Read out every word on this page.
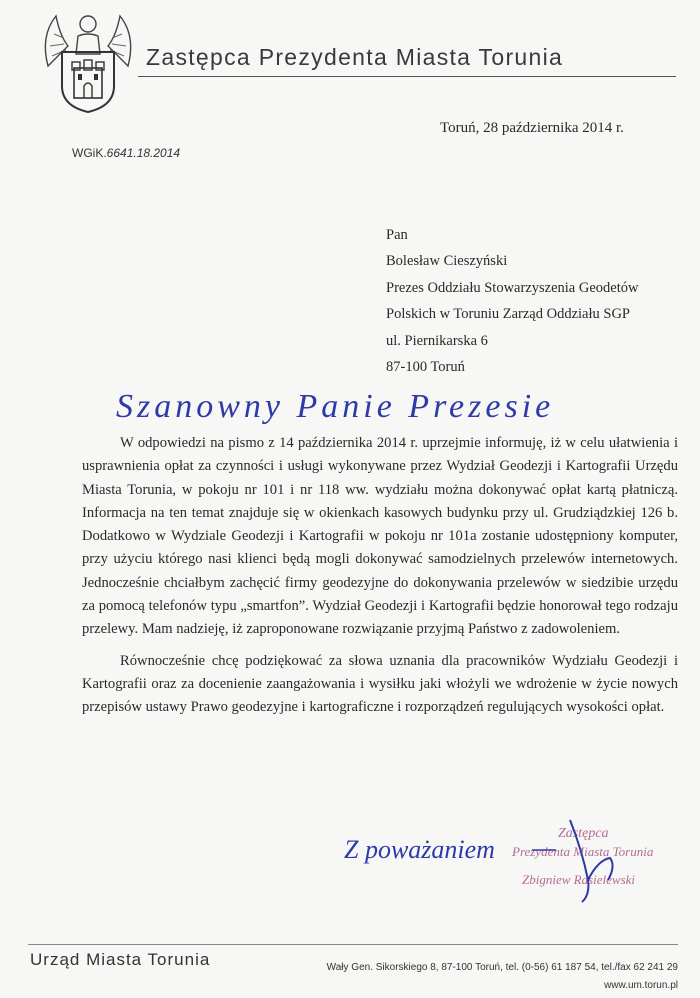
Zastępca Prezydenta Miasta Torunia
Toruń, 28 października 2014 r.
WGiK.6641.18.2014
Pan
Bolesław Cieszyński
Prezes Oddziału Stowarzyszenia Geodetów
Polskich w Toruniu Zarząd Oddziału SGP
ul. Piernikarska 6
87-100 Toruń
Szanowny Panie Prezesie

W odpowiedzi na pismo z 14 października 2014 r. uprzejmie informuję, iż w celu ułatwienia i usprawnienia opłat za czynności i usługi wykonywane przez Wydział Geodezji i Kartografii Urzędu Miasta Torunia, w pokoju nr 101 i nr 118 ww. wydziału można dokonywać opłat kartą płatniczą. Informacja na ten temat znajduje się w okienkach kasowych budynku przy ul. Grudziądzkiej 126 b. Dodatkowo w Wydziale Geodezji i Kartografii w pokoju nr 101a zostanie udostępniony komputer, przy użyciu którego nasi klienci będą mogli dokonywać samodzielnych przelewów internetowych. Jednocześnie chciałbym zachęcić firmy geodezyjne do dokonywania przelewów w siedzibie urzędu za pomocą telefonów typu „smartfon”. Wydział Geodezji i Kartografii będzie honorował tego rodzaju przelewy. Mam nadzieję, iż zaproponowane rozwiązanie przyjmą Państwo z zadowoleniem.

Równocześnie chcę podziękować za słowa uznania dla pracowników Wydziału Geodezji i Kartografii oraz za docenienie zaangażowania i wysiłku jaki włożyli we wdrożenie w życie nowych przepisów ustawy Prawo geodezyjne i kartograficzne i rozporządzeń regulujących wysokości opłat.

Zastępca
Prezydenta Miasta Torunia
Zbigniew Rasielewski
Z poważaniem
Urząd Miasta Torunia	Wały Gen. Sikorskiego 8, 87-100 Toruń, tel. (0-56) 61 187 54, tel./fax 62 241 29
www.um.torun.pl
